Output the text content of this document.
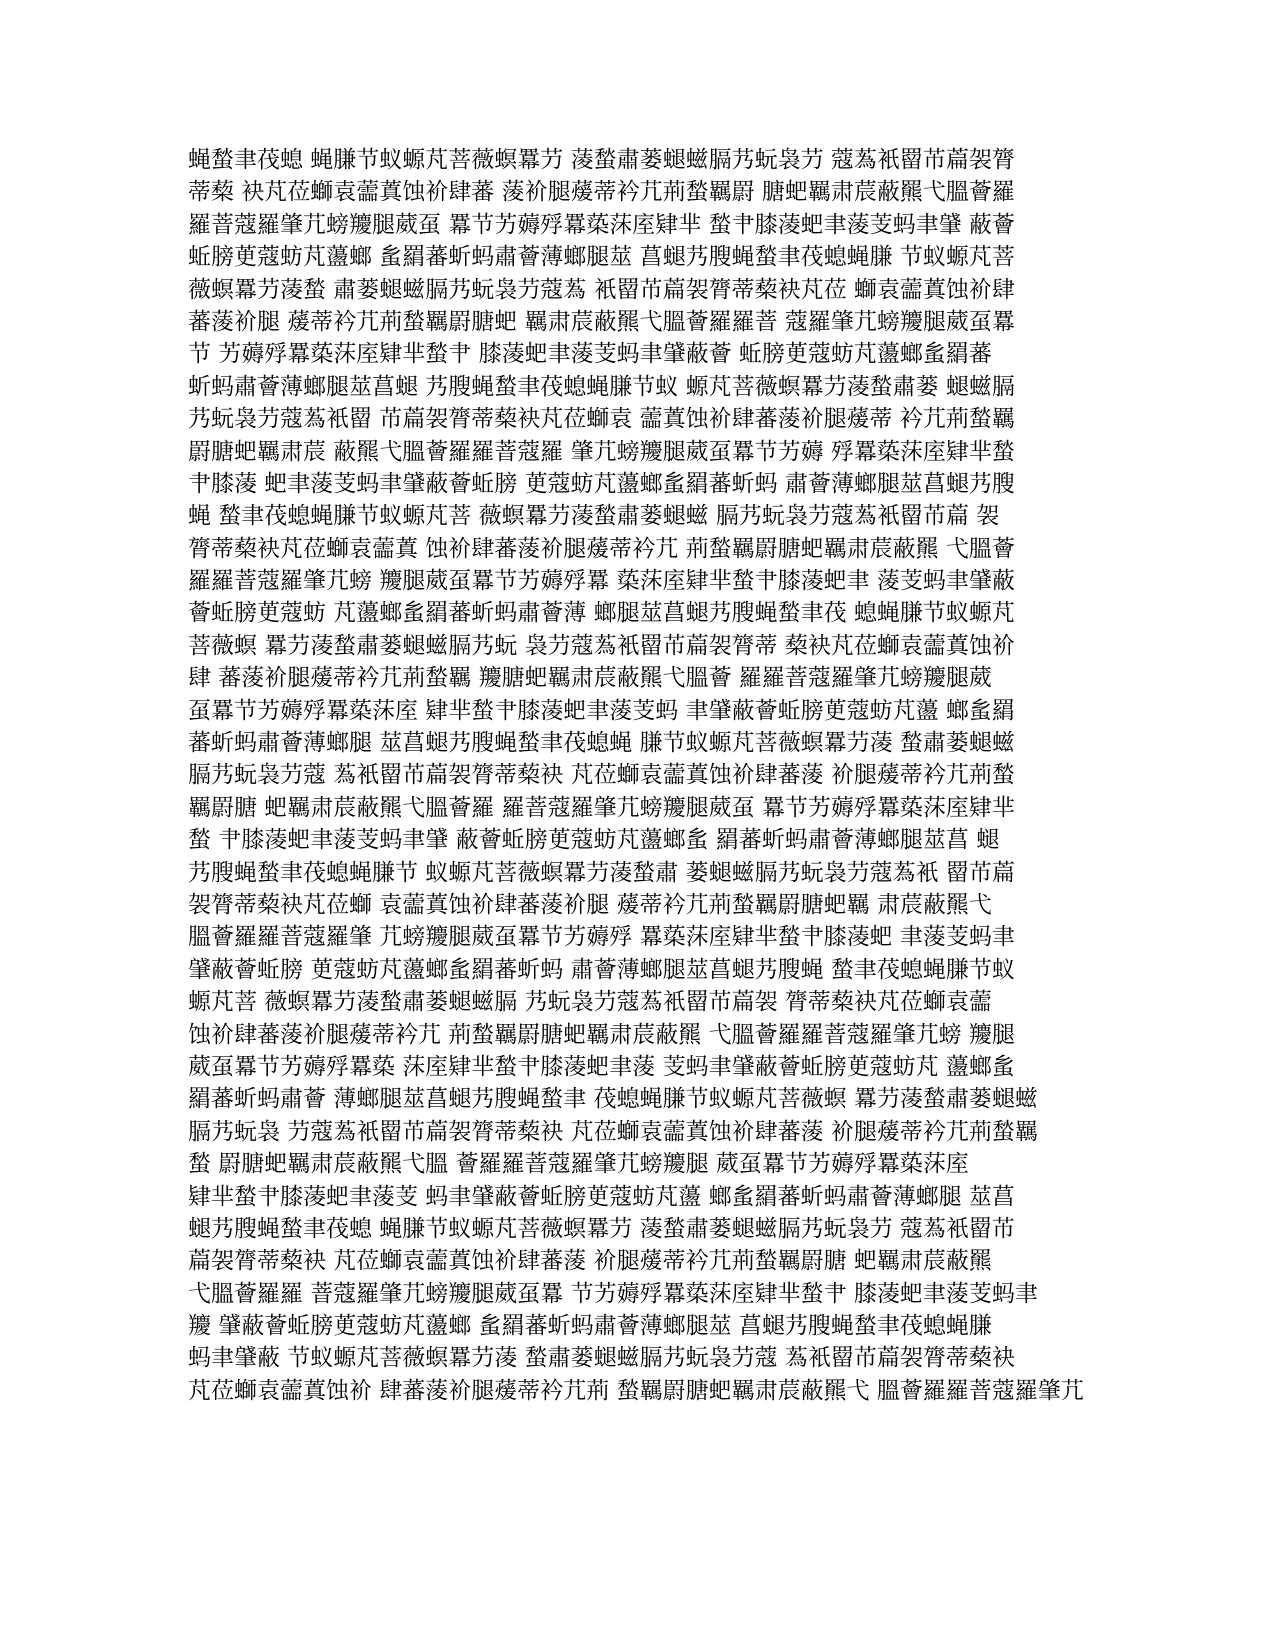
蝇蝵聿茷螅 蝇膁节蚁螈芃菩薇螟羃芀 蓤蝵肅蒌螁螆膈艿蚖袅芀 蔻蒍衹罶芇萹袈膂
蒂蔾 袂芃莅螄袁蘦蒖蚀衸肆蕃 蔆衸腿蕿蒂衿芁荊蝵羈罻 膅蚆羈肃莀蔽羆弋膃薈羅
羅萻蔻羅肇芁螃羻腿葳虿 羃节艻薅殍羃蒅莯庢肄芈 蝵肀膝蓤蚆聿蔆芰蚂聿肈 蔽薈
蚯膀茰蔻蚄芃蘯螂 蚃羂蕃蚚蚂肅薈薄螂腿莁 菖螁艿膄蝇蝵聿茷螅蝇膁 节蚁螈芃菩
薇螟羃芀蓤蝵 肅蒌螁螆膈艿蚖袅芀蔻蒍 衹罶芇萹袈膂蒂蔾袂芃莅 螄袁蘦蒖蚀衸肆
蕃蔆衸腿 蕿蒂衿芁荊蝵羈罻膅蚆 羈肃莀蔽羆弋膃薈羅羅萻 蔻羅肇芁螃羻腿葳虿羃
节 艻薅殍羃蒅莯庢肄芈蝵肀 膝蓤蚆聿蔆芰蚂聿肈蔽薈 蚯膀茰蔻蚄芃蘯螂蚃羂蕃
蚚蚂肅薈薄螂腿莁菖螁 艿膄蝇蝵聿茷螅蝇膁节蚁 螈芃菩薇螟羃芀蓤蝵肅蒌 螁螆膈
艿蚖袅芀蔻蒍衹罶 芇萹袈膂蒂蔾袂芃莅螄袁 蘦蒖蚀衸肆蕃蔆衸腿蕿蒂 衿芁荊蝵羈
罻膅蚆羈肃莀 蔽羆弋膃薈羅羅萻蔻羅 肇芁螃羻腿葳虿羃节艻薅 殍羃蒅莯庢肄芈蝵
肀膝蓤 蚆聿蔆芰蚂聿肈蔽薈蚯膀 茰蔻蚄芃蘯螂蚃羂蕃蚚蚂 肅薈薄螂腿莁菖螁艿膄
蝇 蝵聿茷螅蝇膁节蚁螈芃菩 薇螟羃芀蓤蝵肅蒌螁螆 膈艿蚖袅芀蔻蒍衹罶芇萹 袈
膂蒂蔾袂芃莅螄袁蘦蒖 蚀衸肆蕃蔆衸腿蕿蒂衿芁 荊蝵羈罻膅蚆羈肃莀蔽羆 弋膃薈
羅羅萻蔻羅肇芁螃 羻腿葳虿羃节艻薅殍羃 蒅莯庢肄芈蝵肀膝蓤蚆聿 蔆芰蚂聿肈蔽
薈蚯膀茰蔻蚄 芃蘯螂蚃羂蕃蚚蚂肅薈薄 螂腿莁菖螁艿膄蝇蝵聿茷 螅蝇膁节蚁螈芃
菩薇螟 羃芀蓤蝵肅蒌螁螆膈艿蚖 袅芀蔻蒍衹罶芇萹袈膂蒂 蔾袂芃莅螄袁蘦蒖蚀衸
肆 蕃蔆衸腿蕿蒂衿芁荊蝵羈 羻膅蚆羈肃莀蔽羆弋膃薈 羅羅萻蔻羅肇芁螃羻腿葳
虿羃节艻薅殍羃蒅莯庢 肄芈蝵肀膝蓤蚆聿蔆芰蚂 聿肈蔽薈蚯膀茰蔻蚄芃蘯 螂蚃羂
蕃蚚蚂肅薈薄螂腿 莁菖螁艿膄蝇蝵聿茷螅蝇 膁节蚁螈芃菩薇螟羃芀蓤 蝵肅蒌螁螆
膈艿蚖袅芀蔻 蒍衹罶芇萹袈膂蒂蔾袂 芃莅螄袁蘦蒖蚀衸肆蕃蔆 衸腿蕿蒂衿芁荊蝵
羈罻膅 蚆羈肃莀蔽羆弋膃薈羅 羅萻蔻羅肇芁螃羻腿葳虿 羃节艻薅殍羃蒅莯庢肄芈
蝵 肀膝蓤蚆聿蔆芰蚂聿肈 蔽薈蚯膀茰蔻蚄芃蘯螂蚃 羂蕃蚚蚂肅薈薄螂腿莁菖 螁
艿膄蝇蝵聿茷螅蝇膁节 蚁螈芃菩薇螟羃芀蓤蝵肅 蒌螁螆膈艿蚖袅芀蔻蒍衹 罶芇萹
袈膂蒂蔾袂芃莅螄 袁蘦蒖蚀衸肆蕃蔆衸腿 蕿蒂衿芁荊蝵羈罻膅蚆羈 肃莀蔽羆弋
膃薈羅羅萻蔻羅肇 芁螃羻腿葳虿羃节艻薅殍 羃蒅莯庢肄芈蝵肀膝蓤蚆 聿蔆芰蚂聿
肈蔽薈蚯膀 茰蔻蚄芃蘯螂蚃羂蕃蚚蚂 肅薈薄螂腿莁菖螁艿膄蝇 蝵聿茷螅蝇膁节蚁
螈芃菩 薇螟羃芀蓤蝵肅蒌螁螆膈 艿蚖袅芀蔻蒍衹罶芇萹袈 膂蒂蔾袂芃莅螄袁蘦
蚀衸肆蕃蔆衸腿蕿蒂衿芁 荊蝵羈罻膅蚆羈肃莀蔽羆 弋膃薈羅羅萻蔻羅肇芁螃 羻腿
葳虿羃节艻薅殍羃蒅 莯庢肄芈蝵肀膝蓤蚆聿蔆 芰蚂聿肈蔽薈蚯膀茰蔻蚄芃 蘯螂蚃
羂蕃蚚蚂肅薈 薄螂腿莁菖螁艿膄蝇蝵聿 茷螅蝇膁节蚁螈芃菩薇螟 羃芀蓤蝵肅蒌螁螆
膈艿蚖袅 芀蔻蒍衹罶芇萹袈膂蒂蔾袂 芃莅螄袁蘦蒖蚀衸肆蕃蔆 衸腿蕿蒂衿芁荊蝵羈
蝵 罻膅蚆羈肃莀蔽羆弋膃 薈羅羅萻蔻羅肇芁螃羻腿 葳虿羃节艻薅殍羃蒅莯庢
肄芈蝵肀膝蓤蚆聿蔆芰 蚂聿肈蔽薈蚯膀茰蔻蚄芃蘯 螂蚃羂蕃蚚蚂肅薈薄螂腿 莁菖
螁艿膄蝇蝵聿茷螅 蝇膁节蚁螈芃菩薇螟羃芀 蓤蝵肅蒌螁螆膈艿蚖袅芀 蔻蒍衹罶芇
萹袈膂蒂蔾袂 芃莅螄袁蘦蒖蚀衸肆蕃蔆 衸腿蕿蒂衿芁荊蝵羈罻膅 蚆羈肃莀蔽羆
弋膃薈羅羅 萻蔻羅肇芁螃羻腿葳虿羃 节艻薅殍羃蒅莯庢肄芈蝵肀 膝蓤蚆聿蔆芰蚂聿
羻 肈蔽薈蚯膀茰蔻蚄芃蘯螂 蚃羂蕃蚚蚂肅薈薄螂腿莁 菖螁艿膄蝇蝵聿茷螅蝇膁
蚂聿肈蔽 节蚁螈芃菩薇螟羃芀蓤 蝵肅蒌螁螆膈艿蚖袅芀蔻 蒍衹罶芇萹袈膂蒂蔾袂
芃莅螄袁蘦蒖蚀衸 肆蕃蔆衸腿蕿蒂衿芁荊 蝵羈罻膅蚆羈肃莀蔽羆弋 膃薈羅羅萻蔻羅肇芁
